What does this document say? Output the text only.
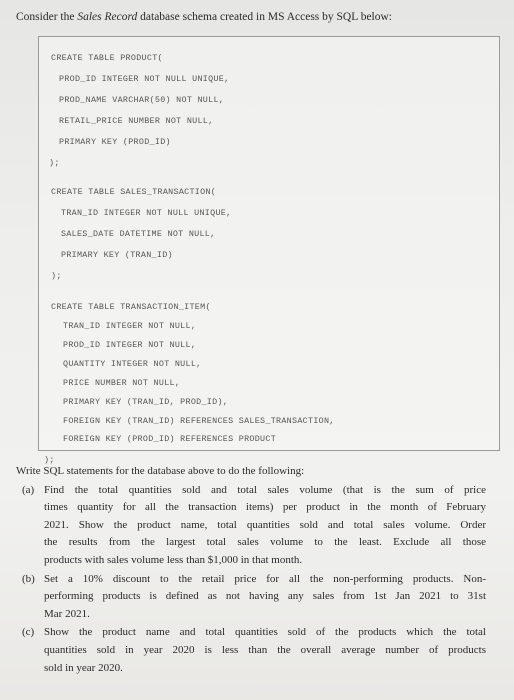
Consider the Sales Record database schema created in MS Access by SQL below:
CREATE TABLE PRODUCT(
PROD_ID INTEGER NOT NULL UNIQUE,
PROD_NAME VARCHAR(50) NOT NULL,
RETAIL_PRICE NUMBER NOT NULL,
PRIMARY KEY (PROD_ID)
);
CREATE TABLE SALES_TRANSACTION(
TRAN_ID INTEGER NOT NULL UNIQUE,
SALES_DATE DATETIME NOT NULL,
PRIMARY KEY (TRAN_ID)
);
CREATE TABLE TRANSACTION_ITEM(
TRAN_ID INTEGER NOT NULL,
PROD_ID INTEGER NOT NULL,
QUANTITY INTEGER NOT NULL,
PRICE NUMBER NOT NULL,
PRIMARY KEY (TRAN_ID, PROD_ID),
FOREIGN KEY (TRAN_ID) REFERENCES SALES_TRANSACTION,
FOREIGN KEY (PROD_ID) REFERENCES PRODUCT
);
Write SQL statements for the database above to do the following:
(a) Find the total quantities sold and total sales volume (that is the sum of price
times quantity for all the transaction items) per product in the month of February
2021. Show the product name, total quantities sold and total sales volume. Order
the results from the largest total sales volume to the least. Exclude all those
products with sales volume less than $1,000 in that month.
(b) Set a 10% discount to the retail price for all the non-performing products. Non-
performing products is defined as not having any sales from 1st Jan 2021 to 31st
Mar 2021.
(c) Show the product name and total quantities sold of the products which the total
quantities sold in year 2020 is less than the overall average number of products
sold in year 2020.
